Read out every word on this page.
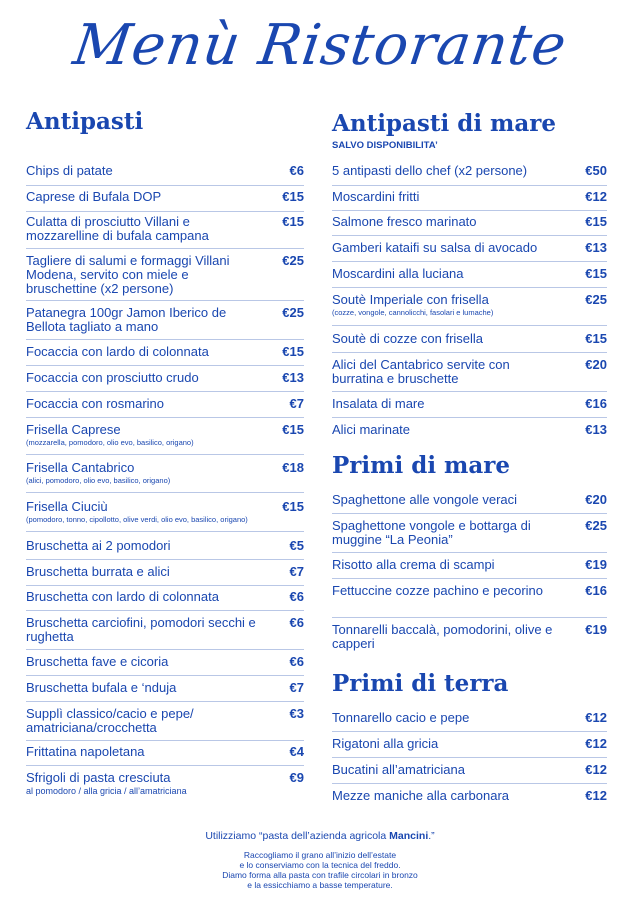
Menù Ristorante
Antipasti
Chips di patate	€6
Caprese di Bufala DOP	€15
Culatta di prosciutto Villani e mozzarelline di bufala campana
€15
Tagliere di salumi e formaggi Villani Modena, servito con miele e bruschettine (x2 persone)
€25
Patanegra 100gr Jamon Iberico de Bellota tagliato a mano
€25
Focaccia con lardo di colonnata	€15
Focaccia con prosciutto crudo	€13
Focaccia con rosmarino	€7
Frisella Caprese
(mozzarella, pomodoro, olio evo, basilico, origano)
€15
Frisella Cantabrico
(alici, pomodoro, olio evo, basilico, origano)
€18
Frisella Ciuciù
(pomodoro, tonno, cipollotto, olive verdi, olio evo, basilico, origano)
€15
Bruschetta ai 2 pomodori	€5
Bruschetta burrata e alici	€7
Bruschetta con lardo di colonnata	€6
Bruschetta carciofini, pomodori secchi e rughetta
€6
Bruschetta fave e cicoria	€6
Bruschetta bufala e ‘nduja	€7
Supplì classico/cacio e pepe/ amatriciana/crocchetta
€3
Frittatina napoletana	€4
Sfrigoli di pasta cresciuta
al pomodoro / alla gricia / all’amatriciana
€9
Antipasti di mare
SALVO DISPONIBILITA’
5 antipasti dello chef (x2 persone)	€50
Moscardini fritti	€12
Salmone fresco marinato	€15
Gamberi kataifi su salsa di avocado	€13
Moscardini alla luciana	€15
Soutè Imperiale con frisella
(cozze, vongole, cannolicchi, fasolari e lumache)
€25
Soutè di cozze con frisella	€15
Alici del Cantabrico servite con burratina e bruschette
€20
Insalata di mare	€16
Alici marinate	€13
Primi di mare
Spaghettone alle vongole veraci	€20
Spaghettone vongole e bottarga di muggine “La Peonia”
€25
Risotto alla crema di scampi	€19
Fettuccine cozze pachino e pecorino	€16
Tonnarelli baccalà, pomodorini, olive e capperi
€19
Primi di terra
Tonnarello cacio e pepe	€12
Rigatoni alla gricia	€12
Bucatini all’amatriciana	€12
Mezze maniche alla carbonara	€12
Utilizziamo “pasta dell’azienda agricola Mancini.”
Raccogliamo il grano all’inizio dell’estate
e lo conserviamo con la tecnica del freddo.
Diamo forma alla pasta con trafile circolari in bronzo
e la essicchiamo a basse temperature.
